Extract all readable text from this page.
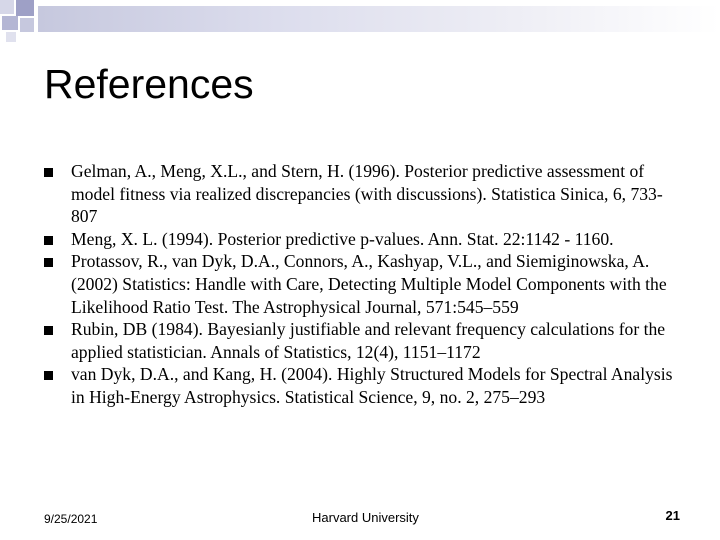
References
Gelman, A., Meng, X.L., and Stern, H. (1996). Posterior predictive assessment of model fitness via realized discrepancies (with discussions). Statistica Sinica, 6, 733-807
Meng, X. L. (1994). Posterior predictive p-values. Ann. Stat. 22:1142 - 1160.
Protassov, R., van Dyk, D.A., Connors, A., Kashyap, V.L., and Siemiginowska, A. (2002) Statistics: Handle with Care, Detecting Multiple Model Components with the Likelihood Ratio Test. The Astrophysical Journal, 571:545–559
Rubin, DB (1984). Bayesianly justifiable and relevant frequency calculations for the applied statistician. Annals of Statistics, 12(4), 1151–1172
van Dyk, D.A., and Kang, H. (2004). Highly Structured Models for Spectral Analysis in High-Energy Astrophysics. Statistical Science, 9, no. 2, 275–293
9/25/2021	Harvard University	21
